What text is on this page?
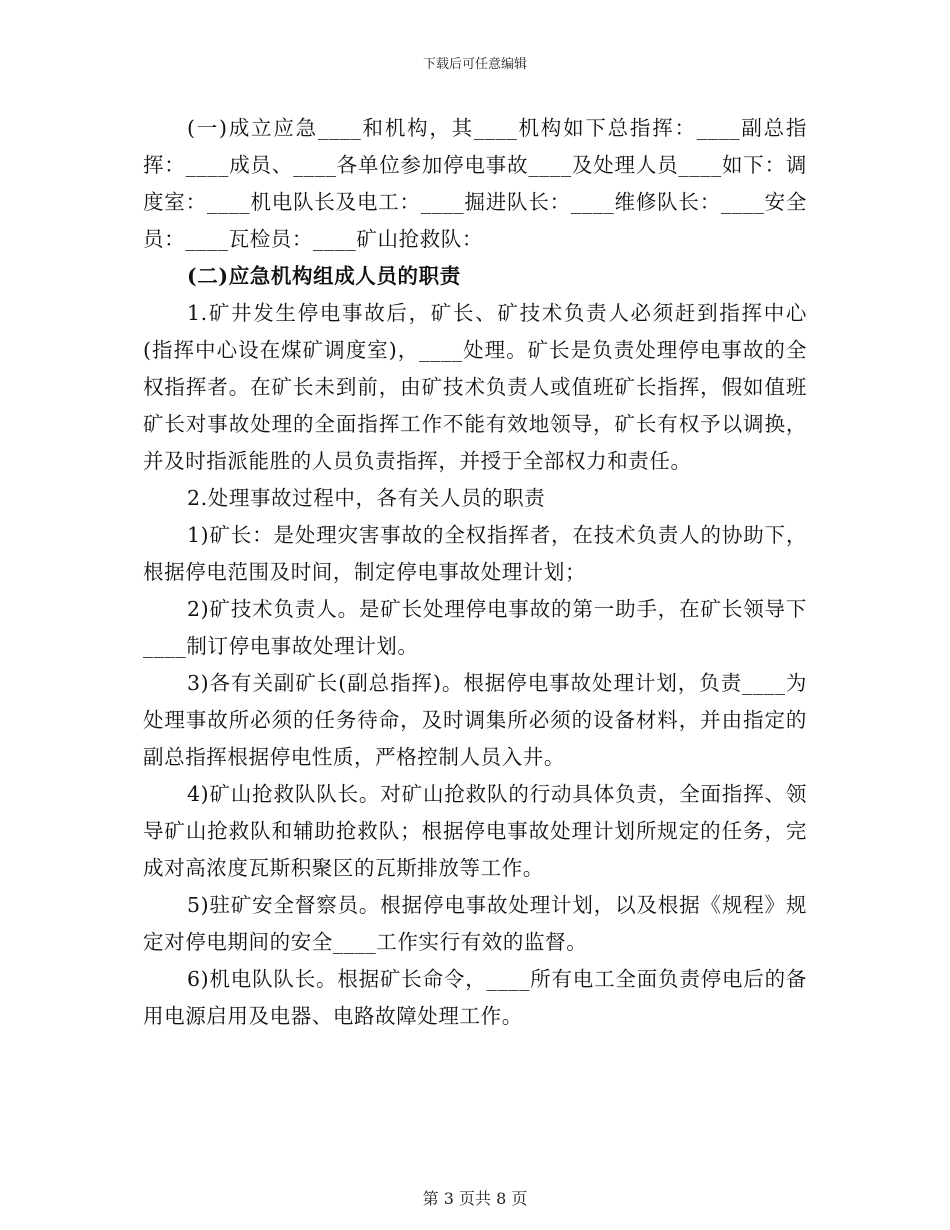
下载后可任意编辑

(一)成立应急____和机构，其____机构如下总指挥：____副总指挥：____成员、____各单位参加停电事故____及处理人员____如下：调度室：____机电队长及电工：____掘进队长：____维修队长：____安全员：____瓦检员：____矿山抢救队：

(二)应急机构组成人员的职责

1.矿井发生停电事故后，矿长、矿技术负责人必须赶到指挥中心(指挥中心设在煤矿调度室)，____处理。矿长是负责处理停电事故的全权指挥者。在矿长未到前，由矿技术负责人或值班矿长指挥，假如值班矿长对事故处理的全面指挥工作不能有效地领导，矿长有权予以调换，并及时指派能胜的人员负责指挥，并授于全部权力和责任。

2.处理事故过程中，各有关人员的职责

1)矿长：是处理灾害事故的全权指挥者，在技术负责人的协助下，根据停电范围及时间，制定停电事故处理计划；

2)矿技术负责人。是矿长处理停电事故的第一助手，在矿长领导下____制订停电事故处理计划。

3)各有关副矿长(副总指挥)。根据停电事故处理计划，负责____为处理事故所必须的任务待命，及时调集所必须的设备材料，并由指定的副总指挥根据停电性质，严格控制人员入井。

4)矿山抢救队队长。对矿山抢救队的行动具体负责，全面指挥、领导矿山抢救队和辅助抢救队；根据停电事故处理计划所规定的任务，完成对高浓度瓦斯积聚区的瓦斯排放等工作。

5)驻矿安全督察员。根据停电事故处理计划，以及根据《规程》规定对停电期间的安全____工作实行有效的监督。

6)机电队队长。根据矿长命令，____所有电工全面负责停电后的备用电源启用及电器、电路故障处理工作。

第 3 页共 8 页
